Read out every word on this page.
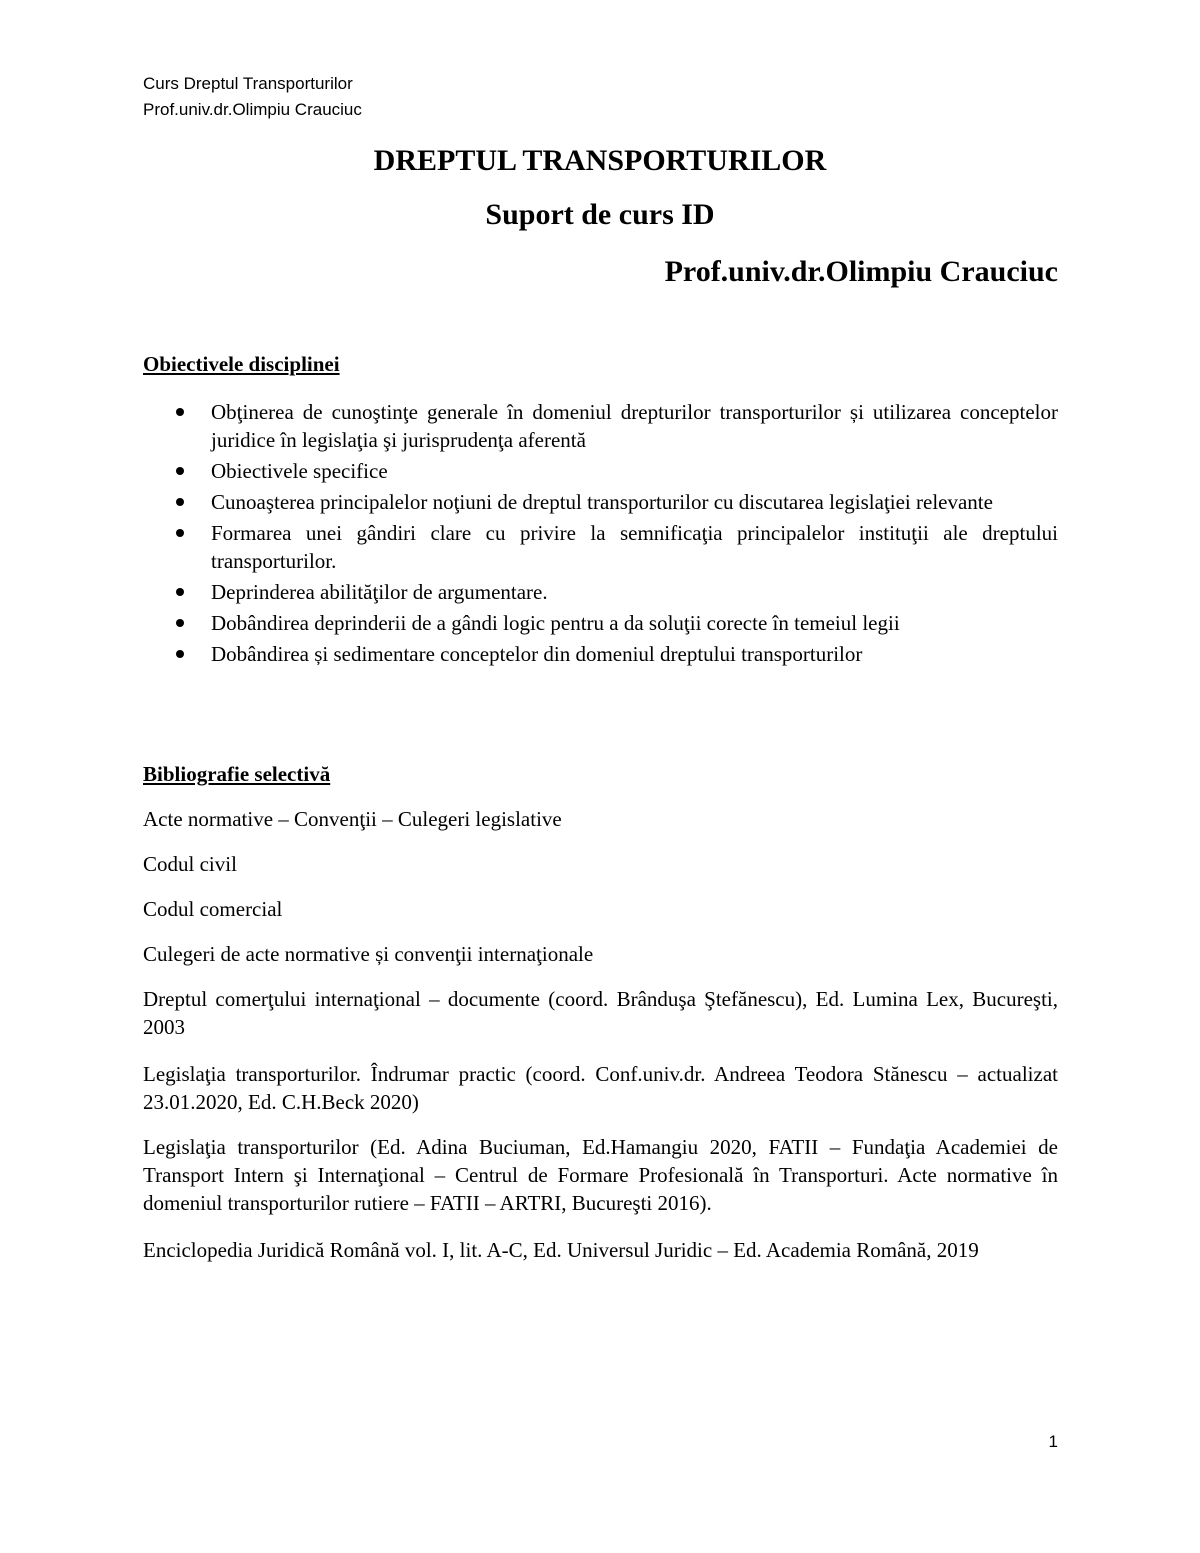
Curs Dreptul Transporturilor
Prof.univ.dr.Olimpiu Crauciuc
DREPTUL TRANSPORTURILOR
Suport de curs ID
Prof.univ.dr.Olimpiu Crauciuc
Obiectivele disciplinei
Obţinerea de cunoştinţe generale în domeniul drepturilor transporturilor și utilizarea conceptelor juridice în legislaţia şi jurisprudenţa aferentă
Obiectivele specifice
Cunoaşterea principalelor noţiuni de dreptul transporturilor cu discutarea legislaţiei relevante
Formarea unei gândiri clare cu privire la semnificaţia principalelor instituţii ale dreptului transporturilor.
Deprinderea abilităţilor de argumentare.
Dobândirea deprinderii de a gândi logic pentru a da soluţii corecte în temeiul legii
Dobândirea și sedimentare conceptelor din domeniul dreptului transporturilor
Bibliografie selectivă

Acte normative – Convenţii – Culegeri legislative

Codul civil

Codul comercial

Culegeri de acte normative și convenţii internaţionale

Dreptul comerţului internaţional – documente (coord. Brânduşa Ştefănescu), Ed. Lumina Lex, Bucureşti, 2003

Legislaţia transporturilor. Îndrumar practic (coord. Conf.univ.dr. Andreea Teodora Stănescu – actualizat 23.01.2020, Ed. C.H.Beck 2020)

Legislaţia transporturilor (Ed. Adina Buciuman, Ed.Hamangiu 2020, FATII – Fundaţia Academiei de Transport Intern şi Internaţional – Centrul de Formare Profesională în Transporturi. Acte normative în domeniul transporturilor rutiere – FATII – ARTRI, Bucureşti 2016).

Enciclopedia Juridică Română vol. I, lit. A-C, Ed. Universul Juridic – Ed. Academia Română, 2019

1
